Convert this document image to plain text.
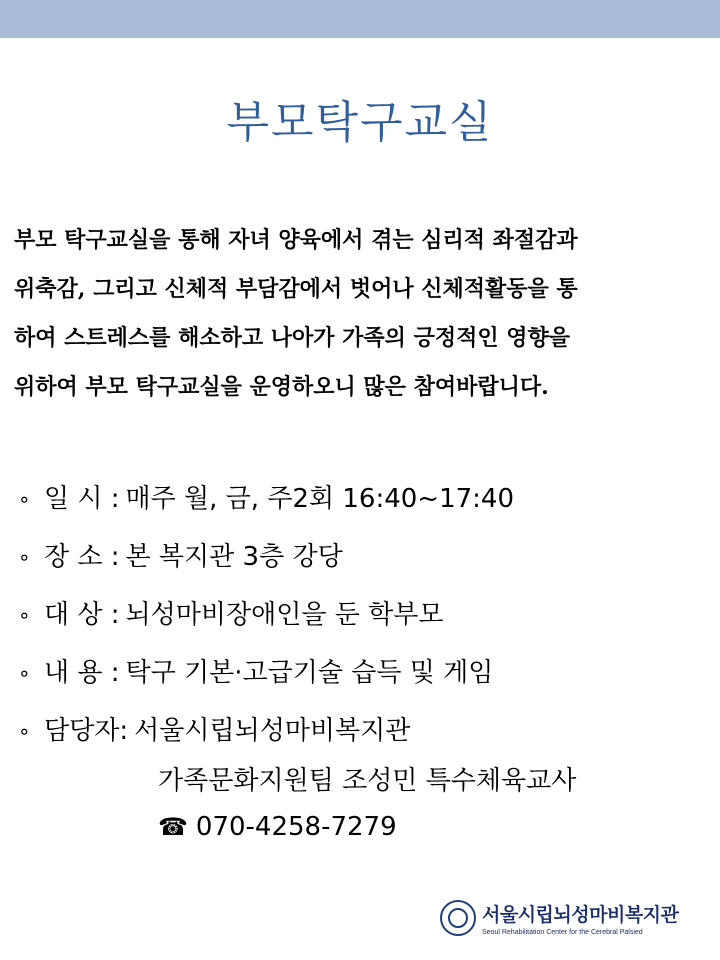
부모탁구교실
부모 탁구교실을 통해 자녀 양육에서 겪는 심리적 좌절감과
위축감, 그리고 신체적 부담감에서 벗어나 신체적활동을 통
하여 스트레스를 해소하고 나아가 가족의 긍정적인 영향을
위하여 부모 탁구교실을 운영하오니 많은 참여바랍니다.
∘ 일 시 : 매주 월, 금, 주2회 16:40~17:40
∘ 장 소 : 본 복지관 3층 강당
∘ 대 상 : 뇌성마비장애인을 둔 학부모
∘ 내 용 : 탁구 기본·고급기술 습득 및 게임
∘ 담당자: 서울시립뇌성마비복지관
가족문화지원팀 조성민 특수체육교사
☎ 070-4258-7279
서울시립뇌성마비복지관
Seoul Rehabilitation Center for the Cerebral Palsied
